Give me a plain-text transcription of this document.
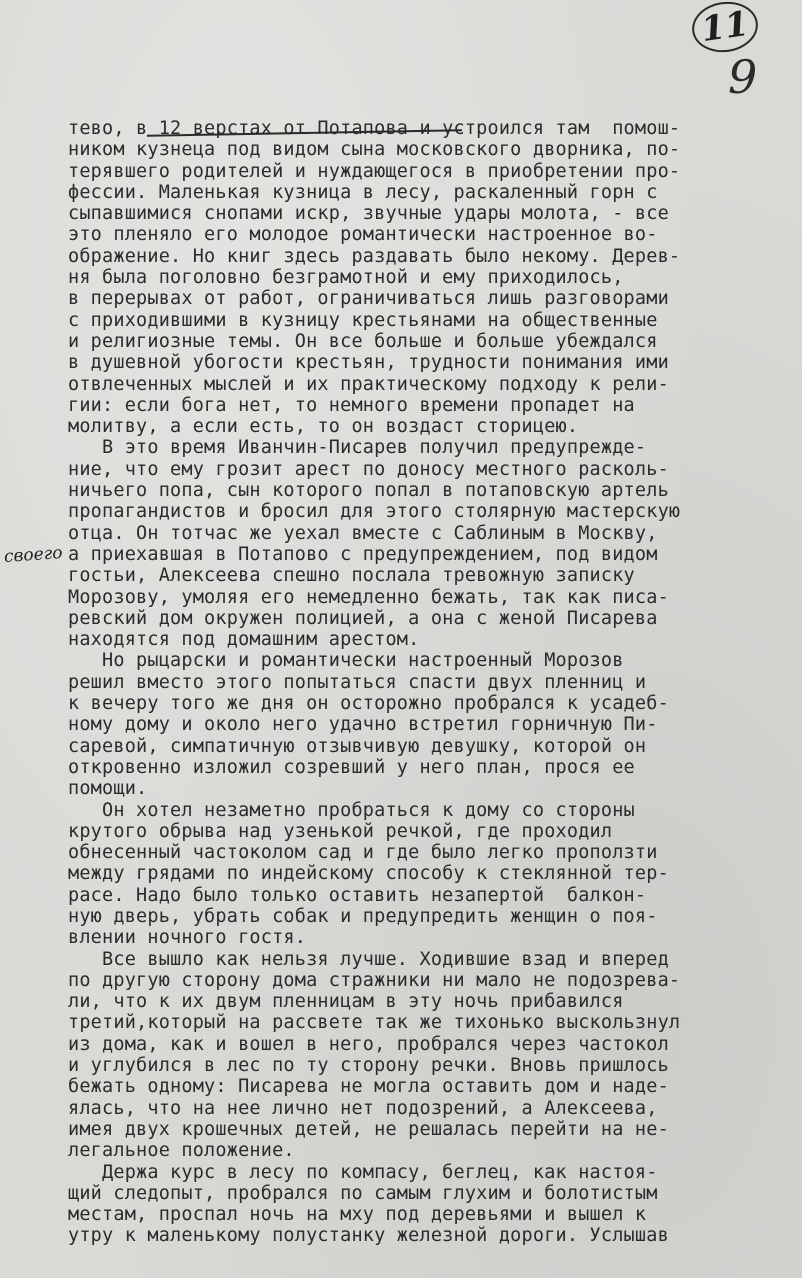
11
9
своего
тево, в 12 верстах от Потапова и устроился там  помош-
ником кузнеца под видом сына московского дворника, по-
терявшего родителей и нуждающегося в приобретении про-
фессии. Маленькая кузница в лесу, раскаленный горн с
сыпавшимися снопами искр, звучные удары молота, - все
это пленяло его молодое романтически настроенное во-
ображение. Но книг здесь раздавать было некому. Дерев-
ня была поголовно безграмотной и ему приходилось,
в перерывах от работ, ограничиваться лишь разговорами
с приходившими в кузницу крестьянами на общественные
и религиозные темы. Он все больше и больше убеждался
в душевной убогости крестьян, трудности понимания ими
отвлеченных мыслей и их практическому подходу к рели-
гии: если бога нет, то немного времени пропадет на
молитву, а если есть, то он воздаст сторицею.
В это время Иванчин-Писарев получил предупрежде-
ние, что ему грозит арест по доносу местного расколь-
ничьего попа, сын которого попал в потаповскую артель
пропагандистов и бросил для этого столярную мастерскую
отца. Он тотчас же уехал вместе с Саблиным в Москву,
а приехавшая в Потапово с предупреждением, под видом
гостьи, Алексеева спешно послала тревожную записку
Морозову, умоляя его немедленно бежать, так как писа-
ревский дом окружен полицией, а она с женой Писарева
находятся под домашним арестом.
Но рыцарски и романтически настроенный Морозов
решил вместо этого попытаться спасти двух пленниц и
к вечеру того же дня он осторожно пробрался к усадеб-
ному дому и около него удачно встретил горничную Пи-
саревой, симпатичную отзывчивую девушку, которой он
откровенно изложил созревший у него план, прося ее
помощи.
Он хотел незаметно пробраться к дому со стороны
крутого обрыва над узенькой речкой, где проходил
обнесенный частоколом сад и где было легко проползти
между грядами по индейскому способу к стеклянной тер-
расе. Надо было только оставить незапертой  балкон-
ную дверь, убрать собак и предупредить женщин о поя-
влении ночного гостя.
Все вышло как нельзя лучше. Ходившие взад и вперед
по другую сторону дома стражники ни мало не подозрева-
ли, что к их двум пленницам в эту ночь прибавился
третий,который на рассвете так же тихонько выскользнул
из дома, как и вошел в него, пробрался через частокол
и углубился в лес по ту сторону речки. Вновь пришлось
бежать одному: Писарева не могла оставить дом и наде-
ялась, что на нее лично нет подозрений, а Алексеева,
имея двух крошечных детей, не решалась перейти на не-
легальное положение.
Держа курс в лесу по компасу, беглец, как настоя-
щий следопыт, пробрался по самым глухим и болотистым
местам, проспал ночь на мху под деревьями и вышел к
утру к маленькому полустанку железной дороги. Услышав
